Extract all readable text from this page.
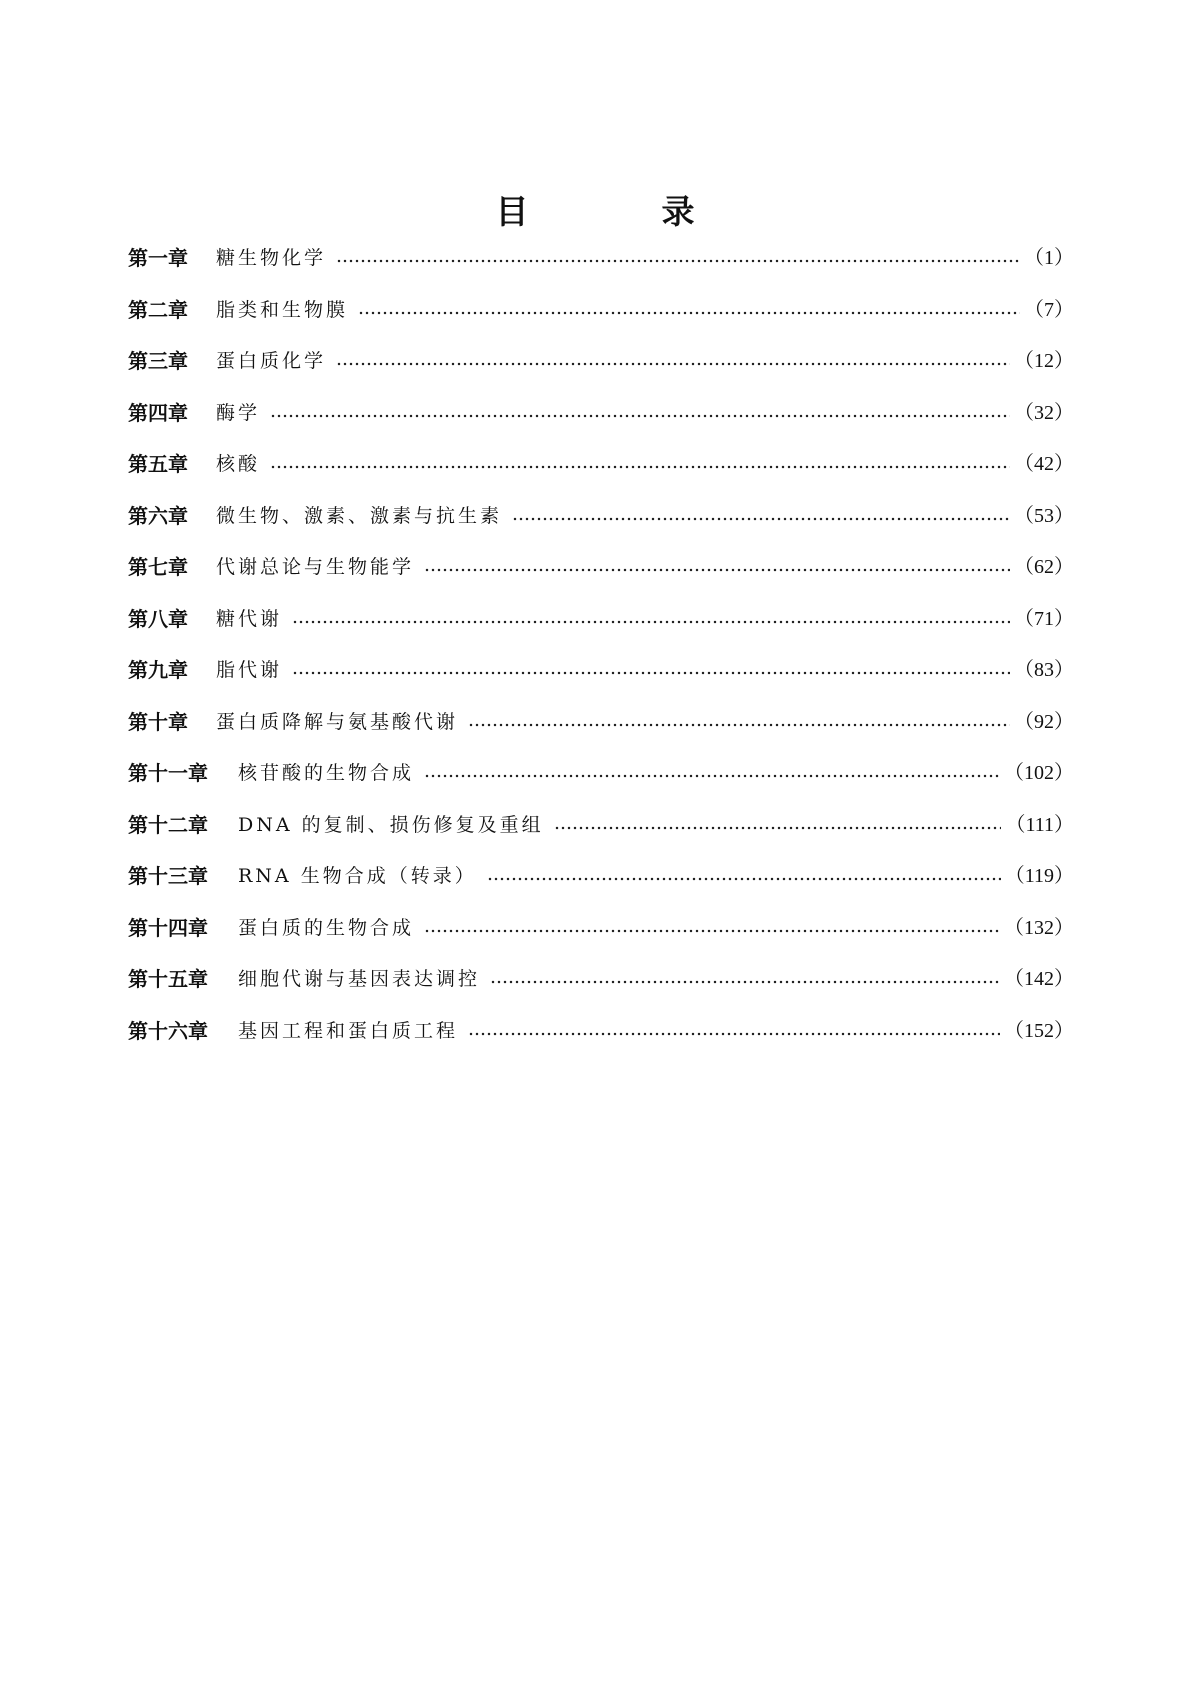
目　录
第一章	糖生物化学	（1）
第二章	脂类和生物膜	（7）
第三章	蛋白质化学	（12）
第四章	酶学	（32）
第五章	核酸	（42）
第六章	微生物、激素、激素与抗生素	（53）
第七章	代谢总论与生物能学	（62）
第八章	糖代谢	（71）
第九章	脂代谢	（83）
第十章	蛋白质降解与氨基酸代谢	（92）
第十一章	核苷酸的生物合成	（102）
第十二章	DNA 的复制、损伤修复及重组	（111）
第十三章	RNA 生物合成（转录）	（119）
第十四章	蛋白质的生物合成	（132）
第十五章	细胞代谢与基因表达调控	（142）
第十六章	基因工程和蛋白质工程	（152）
